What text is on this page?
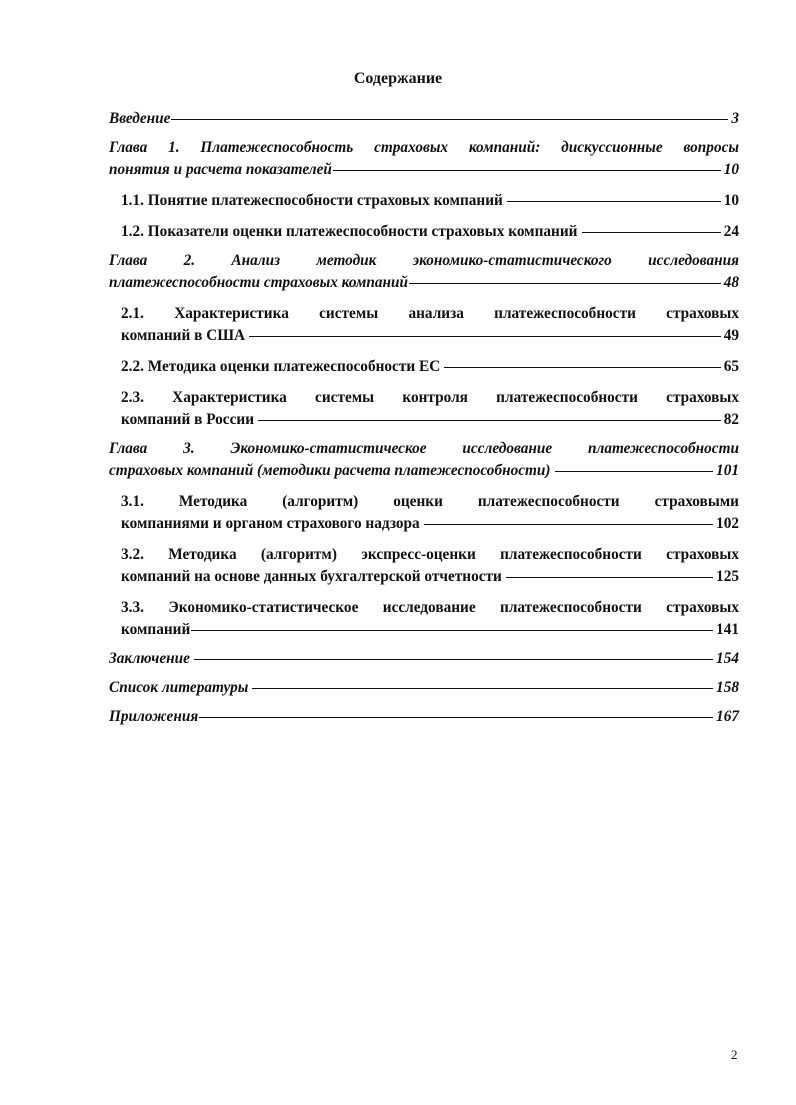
Содержание
Введение	3
Глава 1. Платежеспособность страховых компаний: дискуссионные вопросы
понятия и расчета показателей	10
1.1. Понятие платежеспособности страховых компаний	10
1.2. Показатели оценки платежеспособности страховых компаний	24
Глава 2. Анализ методик экономико-статистического исследования
платежеспособности страховых компаний	48
2.1. Характеристика системы анализа платежеспособности страховых
компаний в США	49
2.2. Методика оценки платежеспособности ЕС	65
2.3. Характеристика системы контроля платежеспособности страховых
компаний в России	82
Глава 3. Экономико-статистическое исследование платежеспособности
страховых компаний (методики расчета платежеспособности)	101
3.1. Методика (алгоритм) оценки платежеспособности страховыми
компаниями и органом страхового надзора	102
3.2. Методика (алгоритм) экспресс-оценки платежеспособности страховых
компаний на основе данных бухгалтерской отчетности	125
3.3. Экономико-статистическое исследование платежеспособности страховых
компаний	141
Заключение	154
Список литературы	158
Приложения	167
2
